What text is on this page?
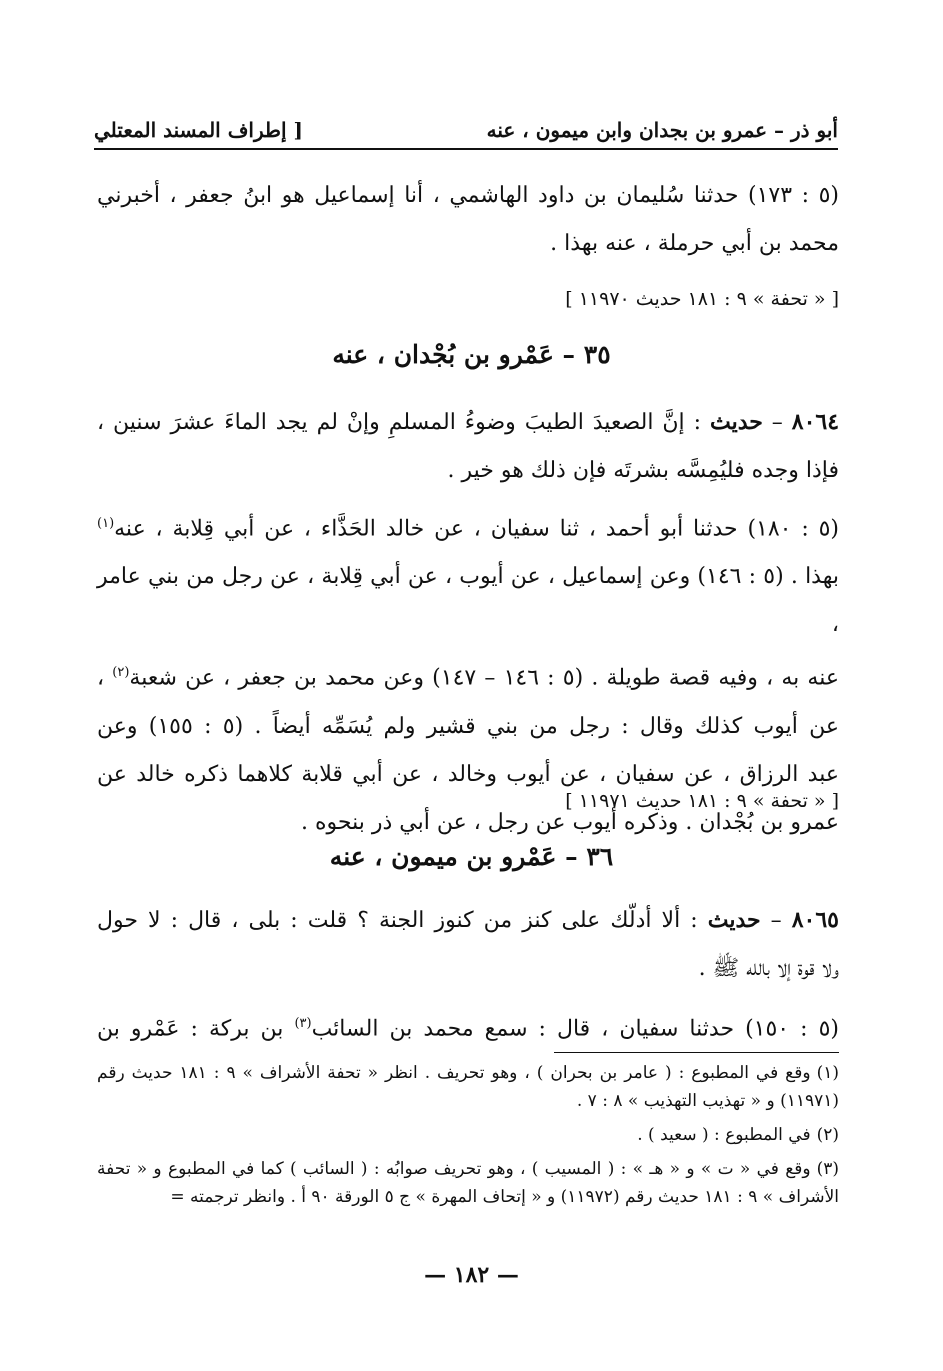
أبو ذر – عمرو بن بجدان وابن ميمون ، عنه
[ إطراف المسند المعتلي
(٥ : ١٧٣) حدثنا سُليمان بن داود الهاشمي ، أنا إسماعيل هو ابنُ جعفر ، أخبرني
محمد بن أبي حرملة ، عنه بهذا .
[ « تحفة » ٩ : ١٨١ حديث ١١٩٧٠ ]
٣٥ – عَمْرو بن بُجْدان ، عنه
٨٠٦٤ – حديث : إنَّ الصعيدَ الطيبَ وضوءُ المسلمِ وإنْ لم يجد الماءَ عشرَ سنين ،
فإذا وجده فليُمِسَّه بشرتَه فإن ذلك هو خير .
(٥ : ١٨٠) حدثنا أبو أحمد ، ثنا سفيان ، عن خالد الحَذَّاء ، عن أبي قِلابة ، عنه$^{(١)}$
بهذا . (٥ : ١٤٦) وعن إسماعيل ، عن أيوب ، عن أبي قِلابة ، عن رجل من بني عامر ،
عنه به ، وفيه قصة طويلة . (٥ : ١٤٦ – ١٤٧) وعن محمد بن جعفر ، عن شعبة$^{(٢)}$ ،
عن أيوب كذلك وقال : رجل من بني قشير ولم يُسَمِّه أيضاً . (٥ : ١٥٥) وعن
عبد الرزاق ، عن سفيان ، عن أيوب وخالد ، عن أبي قلابة كلاهما ذكره خالد عن
عمرو بن بُجْدان . وذكره أيوب عن رجل ، عن أبي ذر بنحوه .
[ « تحفة » ٩ : ١٨١ حديث ١١٩٧١ ]
٣٦ – عَمْرو بن ميمون ، عنه
٨٠٦٥ – حديث : ألا أدلّك على كنز من كنوز الجنة ؟ قلت : بلى ، قال : لا حول
ولا قوة إلا بالله ﷺ .
(٥ : ١٥٠) حدثنا سفيان ، قال : سمع محمد بن السائب$^{(٣)}$ بن بركة : عَمْرو بن

(١)وقع في المطبوع : ( عامر بن بحران ) ، وهو تحريف . انظر « تحفة الأشراف » ٩ : ١٨١ حديث رقم (١١٩٧١) و « تهذيب التهذيب » ٨ : ٧ .

(٢)في المطبوع : ( سعيد ) .

(٣)وقع في « ت » و « هـ » : ( المسيب ) ، وهو تحريف صوابُه : ( السائب ) كما في المطبوع و « تحفة الأشراف » ٩ : ١٨١ حديث رقم (١١٩٧٢) و « إتحاف المهرة » ج ٥ الورقة ٩٠ أ . وانظر ترجمته =

— ١٨٢ —
